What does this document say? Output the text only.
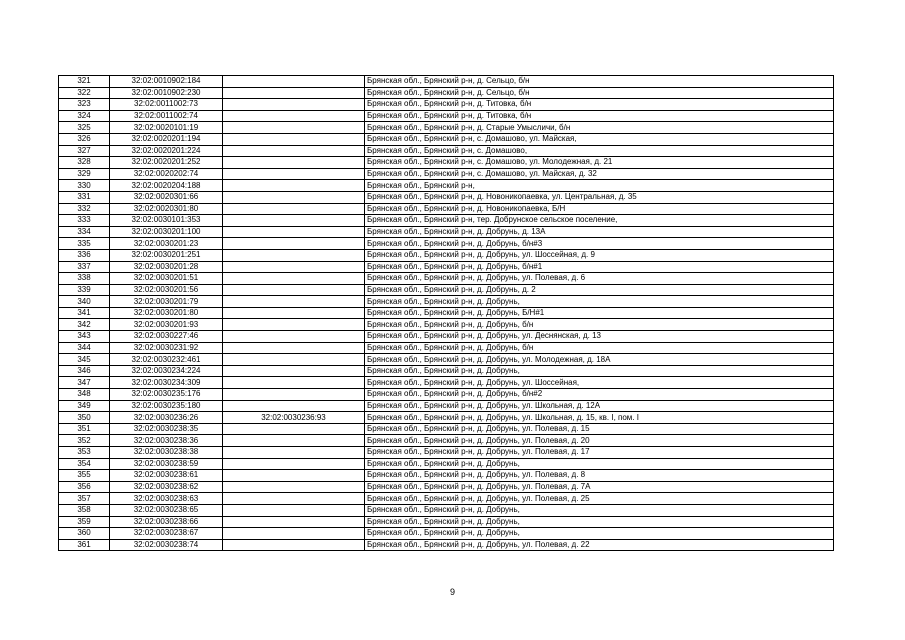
321	32:02:0010902:184		Брянская обл., Брянский р-н, д. Сельцо, б/н
322	32:02:0010902:230		Брянская обл., Брянский р-н, д. Сельцо, б/н
323	32:02:0011002:73		Брянская обл., Брянский р-н, д. Титовка, б/н
324	32:02:0011002:74		Брянская обл., Брянский р-н, д. Титовка, б/н
325	32:02:0020101:19		Брянская обл., Брянский р-н, д. Старые Умысличи, б/н
326	32:02:0020201:194		Брянская обл., Брянский р-н, с. Домашово, ул. Майская,
327	32:02:0020201:224		Брянская обл., Брянский р-н, с. Домашово,
328	32:02:0020201:252		Брянская обл., Брянский р-н, с. Домашово, ул. Молодежная, д. 21
329	32:02:0020202:74		Брянская обл., Брянский р-н, с. Домашово, ул. Майская, д. 32
330	32:02:0020204:188		Брянская обл., Брянский р-н,
331	32:02:0020301:66		Брянская обл., Брянский р-н, д. Новоникопаевка, ул. Центральная, д. 35
332	32:02:0020301:80		Брянская обл., Брянский р-н, д. Новоникопаевка, Б/Н
333	32:02:0030101:353		Брянская обл., Брянский р-н, тер. Добрунское сельское поселение,
334	32:02:0030201:100		Брянская обл., Брянский р-н, д. Добрунь, д. 13А
335	32:02:0030201:23		Брянская обл., Брянский р-н, д. Добрунь, б/н#3
336	32:02:0030201:251		Брянская обл., Брянский р-н, д. Добрунь, ул. Шоссейная, д. 9
337	32:02:0030201:28		Брянская обл., Брянский р-н, д. Добрунь, б/н#1
338	32:02:0030201:51		Брянская обл., Брянский р-н, д. Добрунь, ул. Полевая, д. 6
339	32:02:0030201:56		Брянская обл., Брянский р-н, д. Добрунь, д. 2
340	32:02:0030201:79		Брянская обл., Брянский р-н, д. Добрунь,
341	32:02:0030201:80		Брянская обл., Брянский р-н, д. Добрунь, Б/Н#1
342	32:02:0030201:93		Брянская обл., Брянский р-н, д. Добрунь, б/н
343	32:02:0030227:46		Брянская обл., Брянский р-н, д. Добрунь, ул. Деснянская, д. 13
344	32:02:0030231:92		Брянская обл., Брянский р-н, д. Добрунь, б/н
345	32:02:0030232:461		Брянская обл., Брянский р-н, д. Добрунь, ул. Молодежная, д. 18А
346	32:02:0030234:224		Брянская обл., Брянский р-н, д. Добрунь,
347	32:02:0030234:309		Брянская обл., Брянский р-н, д. Добрунь, ул. Шоссейная,
348	32:02:0030235:176		Брянская обл., Брянский р-н, д. Добрунь, б/н#2
349	32:02:0030235:180		Брянская обл., Брянский р-н, д. Добрунь, ул. Школьная, д. 12А
350	32:02:0030236:26	32:02:0030236:93	Брянская обл., Брянский р-н, д. Добрунь, ул. Школьная, д. 15, кв. I, пом. I
351	32:02:0030238:35		Брянская обл., Брянский р-н, д. Добрунь, ул. Полевая, д. 15
352	32:02:0030238:36		Брянская обл., Брянский р-н, д. Добрунь, ул. Полевая, д. 20
353	32:02:0030238:38		Брянская обл., Брянский р-н, д. Добрунь, ул. Полевая, д. 17
354	32:02:0030238:59		Брянская обл., Брянский р-н, д. Добрунь,
355	32:02:0030238:61		Брянская обл., Брянский р-н, д. Добрунь, ул. Полевая, д. 8
356	32:02:0030238:62		Брянская обл., Брянский р-н, д. Добрунь, ул. Полевая, д. 7А
357	32:02:0030238:63		Брянская обл., Брянский р-н, д. Добрунь, ул. Полевая, д. 25
358	32:02:0030238:65		Брянская обл., Брянский р-н, д. Добрунь,
359	32:02:0030238:66		Брянская обл., Брянский р-н, д. Добрунь,
360	32:02:0030238:67		Брянская обл., Брянский р-н, д. Добрунь,
361	32:02:0030238:74		Брянская обл., Брянский р-н, д. Добрунь, ул. Полевая, д. 22
9
